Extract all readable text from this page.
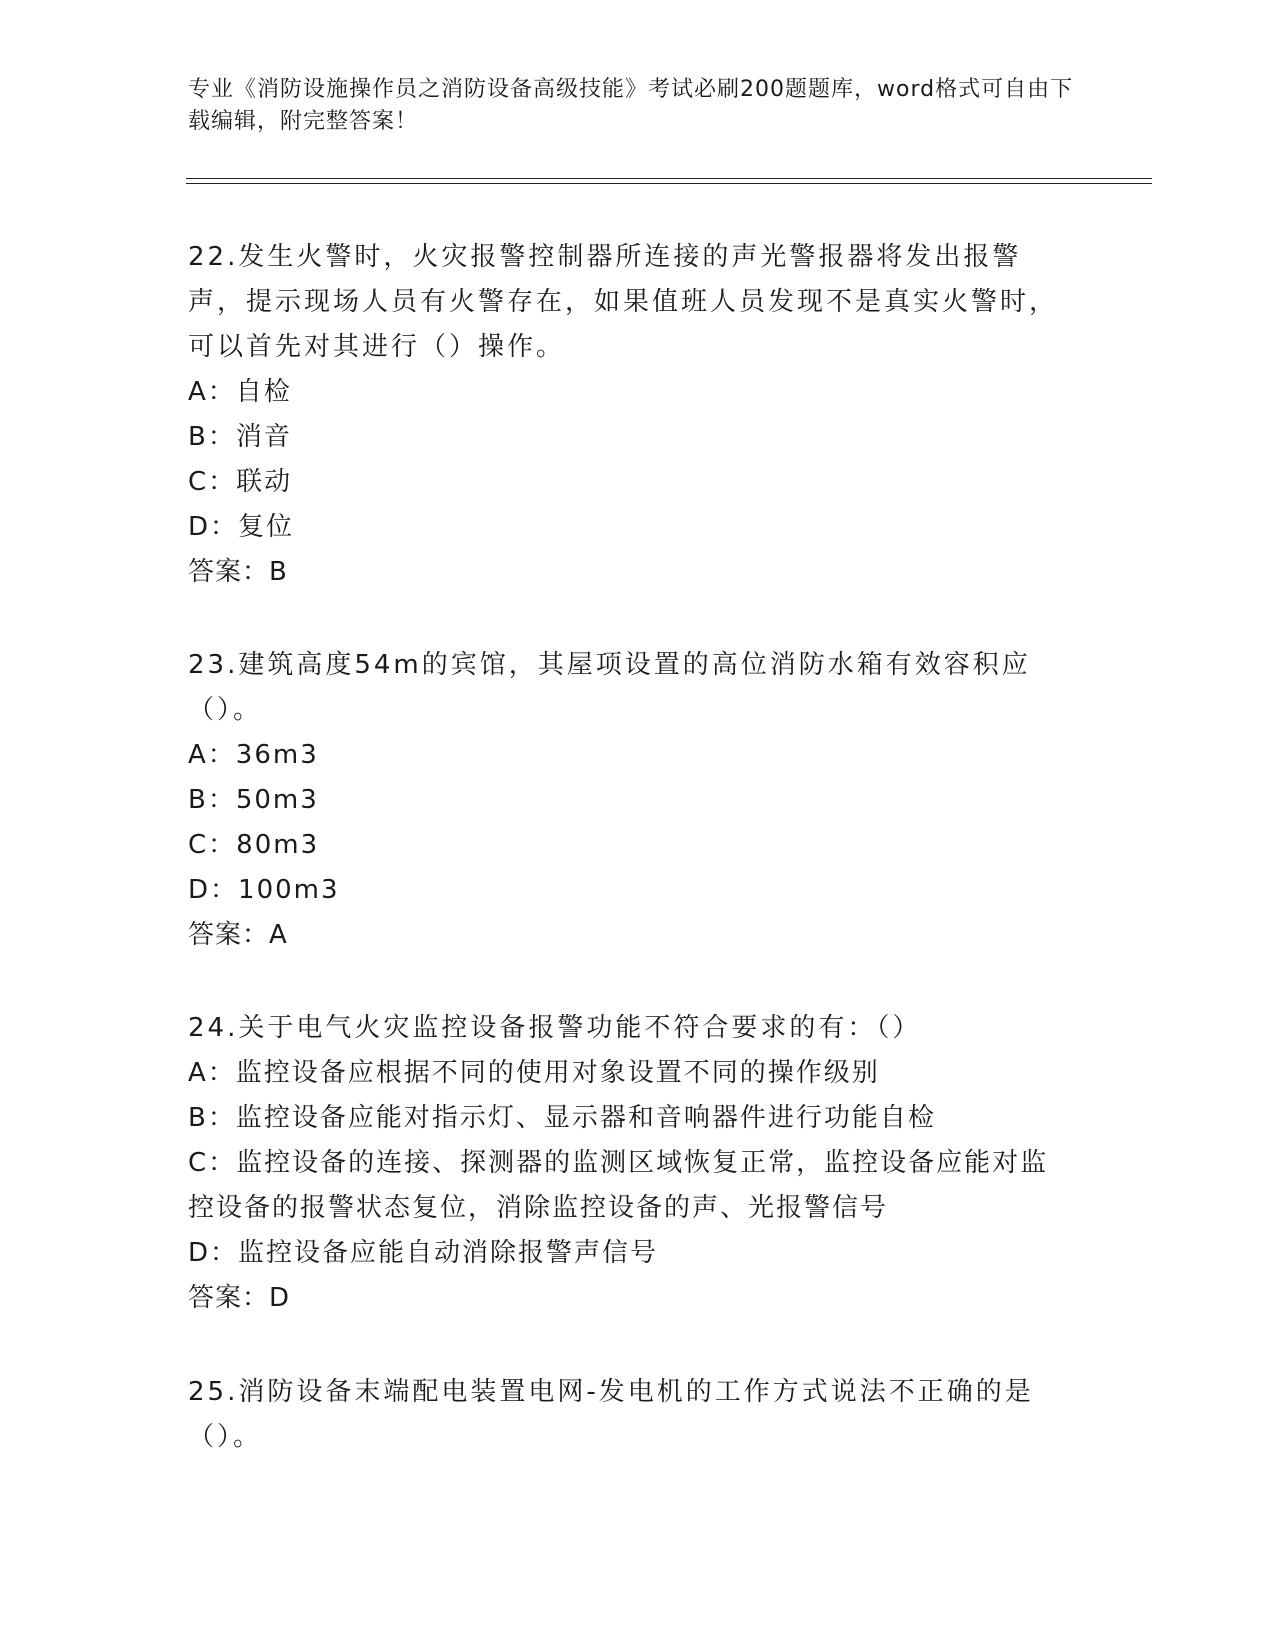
专业《消防设施操作员之消防设备高级技能》考试必刷200题题库，word格式可自由下载编辑，附完整答案！
22.发生火警时，火灾报警控制器所连接的声光警报器将发出报警声，提示现场人员有火警存在，如果值班人员发现不是真实火警时，可以首先对其进行（）操作。
A：自检
B：消音
C：联动
D：复位
答案：B
23.建筑高度54m的宾馆，其屋项设置的高位消防水箱有效容积应（）。
A：36m3
B：50m3
C：80m3
D：100m3
答案：A
24.关于电气火灾监控设备报警功能不符合要求的有：（）
A：监控设备应根据不同的使用对象设置不同的操作级别
B：监控设备应能对指示灯、显示器和音响器件进行功能自检
C：监控设备的连接、探测器的监测区域恢复正常，监控设备应能对监控设备的报警状态复位，消除监控设备的声、光报警信号
D：监控设备应能自动消除报警声信号
答案：D
25.消防设备末端配电装置电网-发电机的工作方式说法不正确的是（）。
